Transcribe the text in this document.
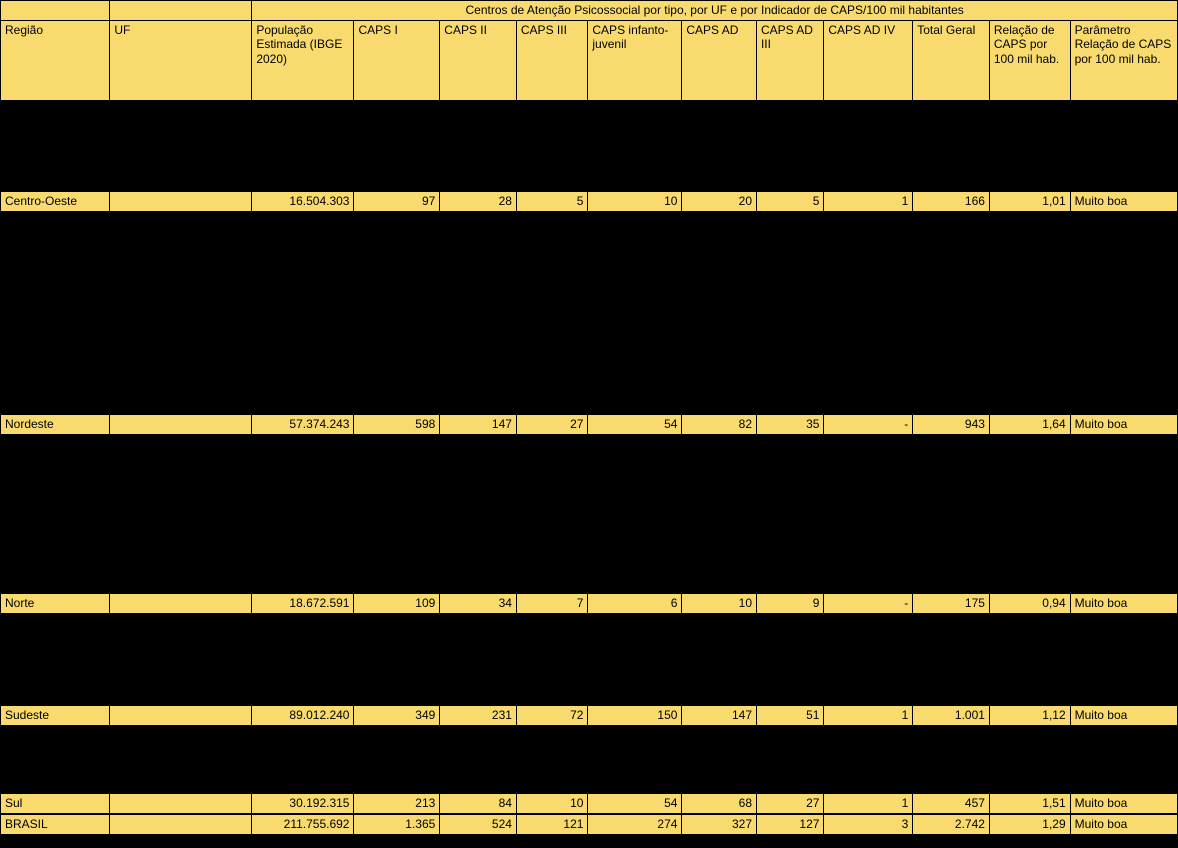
		Centros de Atenção Psicossocial por tipo, por UF e por Indicador de CAPS/100 mil habitantes										
Região	UF	População Estimada (IBGE 2020)	CAPS I	CAPS II	CAPS III	CAPS infanto-juvenil	CAPS AD	CAPS AD III	CAPS AD IV	Total Geral	Relação de CAPS por 100 mil hab.	Parâmetro Relação de CAPS por 100 mil hab.
Centro-Oeste		16.504.303	97	28	5	10	20	5	1	166	1,01	Muito boa
Nordeste		57.374.243	598	147	27	54	82	35	-	943	1,64	Muito boa
Norte		18.672.591	109	34	7	6	10	9	-	175	0,94	Muito boa
Sudeste		89.012.240	349	231	72	150	147	51	1	1.001	1,12	Muito boa
Sul		30.192.315	213	84	10	54	68	27	1	457	1,51	Muito boa
BRASIL		211.755.692	1.365	524	121	274	327	127	3	2.742	1,29	Muito boa
